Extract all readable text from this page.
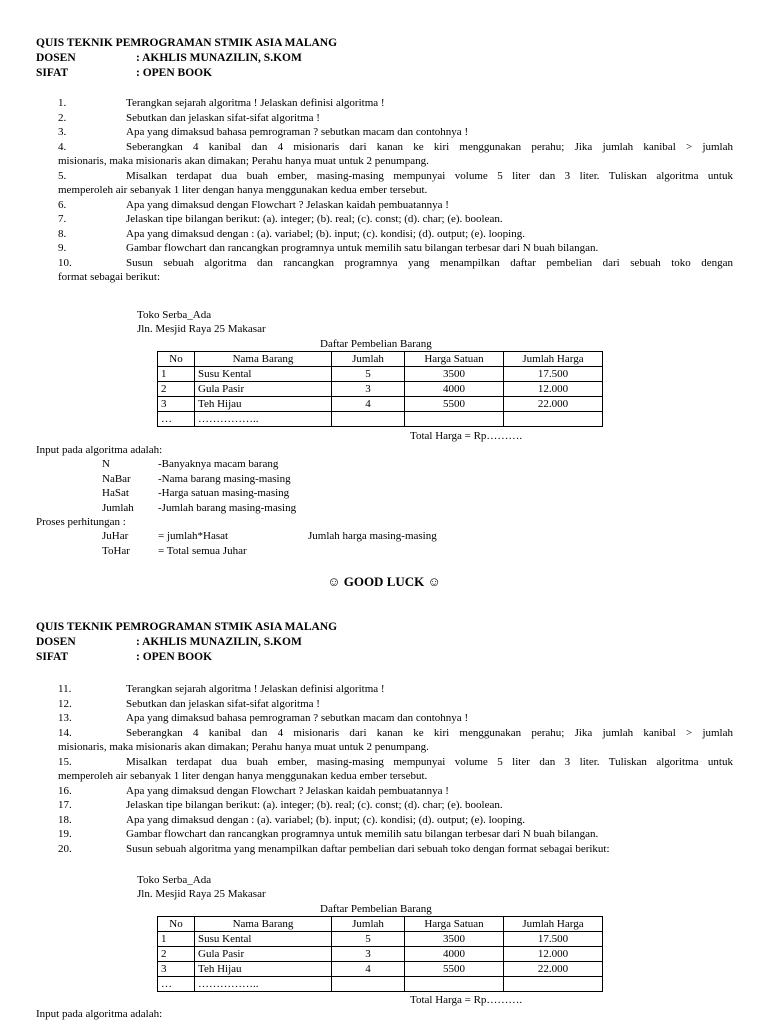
QUIS TEKNIK PEMROGRAMAN STMIK ASIA MALANG
DOSEN	: AKHLIS MUNAZILIN, S.KOM
SIFAT	: OPEN BOOK
1.	Terangkan sejarah algoritma ! Jelaskan definisi algoritma !
2.	Sebutkan dan jelaskan sifat-sifat algoritma !
3.	Apa yang dimaksud bahasa pemrograman ? sebutkan macam dan contohnya !
4.	Seberangkan 4 kanibal dan 4 misionaris dari kanan ke kiri menggunakan perahu; Jika jumlah kanibal > jumlah
misionaris, maka misionaris akan dimakan; Perahu hanya muat untuk 2 penumpang.
5.	Misalkan terdapat dua buah ember, masing-masing mempunyai volume 5 liter dan 3 liter. Tuliskan algoritma untuk
memperoleh air sebanyak 1 liter dengan hanya menggunakan kedua ember tersebut.
6.	Apa yang dimaksud dengan Flowchart ? Jelaskan kaidah pembuatannya !
7.	Jelaskan tipe bilangan berikut: (a). integer; (b). real; (c). const; (d). char; (e). boolean.
8.	Apa yang dimaksud dengan : (a). variabel; (b). input; (c). kondisi; (d). output; (e). looping.
9.	Gambar flowchart dan rancangkan programnya untuk memilih satu bilangan terbesar dari N buah bilangan.
10.	Susun sebuah algoritma dan rancangkan programnya yang menampilkan daftar pembelian dari sebuah toko dengan
format sebagai berikut:
Toko Serba_Ada
Jln. Mesjid Raya 25 Makasar
Daftar Pembelian Barang
No	Nama Barang	Jumlah	Harga Satuan	Jumlah Harga
1	Susu Kental	5	3500	17.500
2	Gula Pasir	3	4000	12.000
3	Teh Hijau	4	5500	22.000
…	……………..			
Total Harga = Rp……….
Input pada algoritma adalah:
N	-Banyaknya macam barang
NaBar	-Nama barang masing-masing
HaSat	-Harga satuan masing-masing
Jumlah	-Jumlah barang masing-masing
Proses perhitungan :
JuHar	= jumlah*Hasat	Jumlah harga masing-masing
ToHar	= Total semua Juhar
☺ GOOD LUCK ☺
QUIS TEKNIK PEMROGRAMAN STMIK ASIA MALANG
DOSEN	: AKHLIS MUNAZILIN, S.KOM
SIFAT	: OPEN BOOK
11.	Terangkan sejarah algoritma ! Jelaskan definisi algoritma !
12.	Sebutkan dan jelaskan sifat-sifat algoritma !
13.	Apa yang dimaksud bahasa pemrograman ? sebutkan macam dan contohnya !
14.	Seberangkan 4 kanibal dan 4 misionaris dari kanan ke kiri menggunakan perahu; Jika jumlah kanibal > jumlah
misionaris, maka misionaris akan dimakan; Perahu hanya muat untuk 2 penumpang.
15.	Misalkan terdapat dua buah ember, masing-masing mempunyai volume 5 liter dan 3 liter. Tuliskan algoritma untuk
memperoleh air sebanyak 1 liter dengan hanya menggunakan kedua ember tersebut.
16.	Apa yang dimaksud dengan Flowchart ? Jelaskan kaidah pembuatannya !
17.	Jelaskan tipe bilangan berikut: (a). integer; (b). real; (c). const; (d). char; (e). boolean.
18.	Apa yang dimaksud dengan : (a). variabel; (b). input; (c). kondisi; (d). output; (e). looping.
19.	Gambar flowchart dan rancangkan programnya untuk memilih satu bilangan terbesar dari N buah bilangan.
20.	Susun sebuah algoritma yang menampilkan daftar pembelian dari sebuah toko dengan format sebagai berikut:
Toko Serba_Ada
Jln. Mesjid Raya 25 Makasar
Daftar Pembelian Barang
No	Nama Barang	Jumlah	Harga Satuan	Jumlah Harga
1	Susu Kental	5	3500	17.500
2	Gula Pasir	3	4000	12.000
3	Teh Hijau	4	5500	22.000
…	……………..			
Total Harga = Rp……….
Input pada algoritma adalah:
